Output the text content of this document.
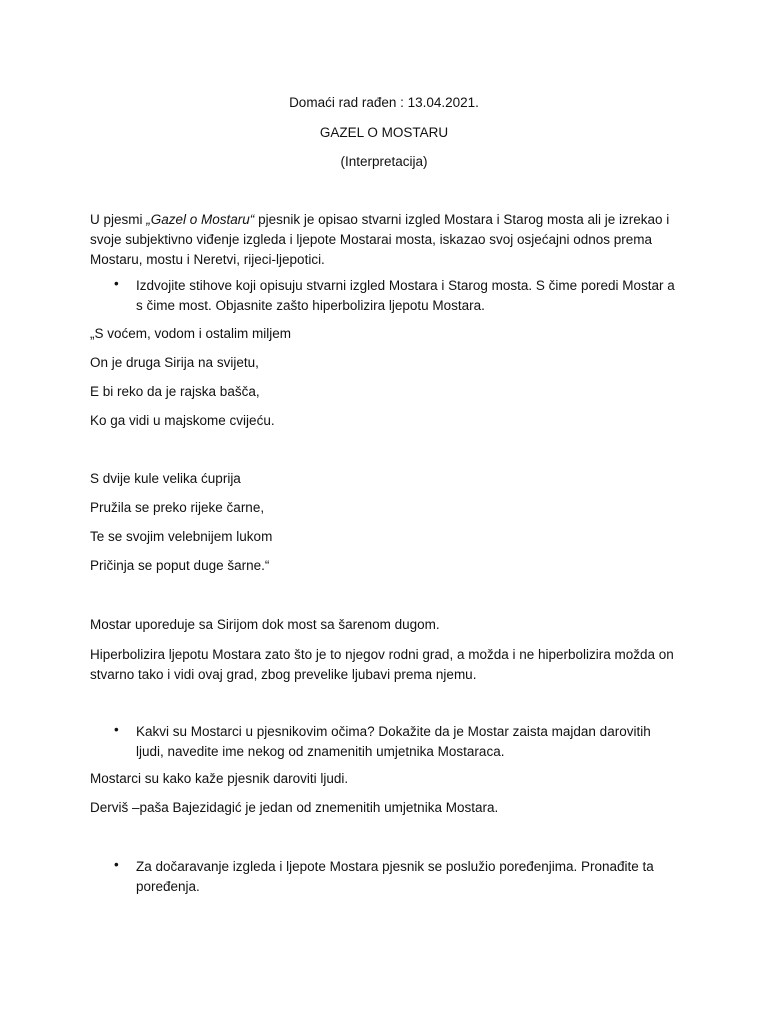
Domaći rad rađen : 13.04.2021.
GAZEL O MOSTARU
(Interpretacija)
U pjesmi „Gazel o Mostaru“ pjesnik je opisao stvarni izgled Mostara i Starog mosta ali je izrekao i svoje subjektivno viđenje izgleda i ljepote Mostarai mosta, iskazao svoj osjećajni odnos prema Mostaru, mostu i Neretvi, rijeci-ljepotici.
•	Izdvojite stihove koji opisuju stvarni izgled Mostara i Starog mosta. S čime poredi Mostar a s čime most. Objasnite zašto hiperbolizira ljepotu Mostara.
„S voćem, vodom i ostalim miljem
On je druga Sirija na svijetu,
E bi reko da je rajska bašča,
Ko ga vidi u majskome cvijeću.
S dvije kule velika ćuprija
Pružila se preko rijeke čarne,
Te se svojim velebnijem lukom
Pričinja se poput duge šarne.“
Mostar uporeduje sa Sirijom dok most sa šarenom dugom.
Hiperbolizira ljepotu Mostara zato što je to njegov rodni grad, a možda i ne hiperbolizira možda on stvarno tako i vidi ovaj grad, zbog prevelike ljubavi prema njemu.
•	Kakvi su Mostarci u pjesnikovim očima? Dokažite da je Mostar zaista majdan darovitih ljudi, navedite ime nekog od znamenitih umjetnika Mostaraca.
Mostarci su kako kaže pjesnik daroviti ljudi.
Derviš –paša Bajezidagić je jedan od znemenitih umjetnika Mostara.
•	Za dočaravanje izgleda i ljepote Mostara pjesnik se poslužio poređenjima. Pronađite ta poređenja.
